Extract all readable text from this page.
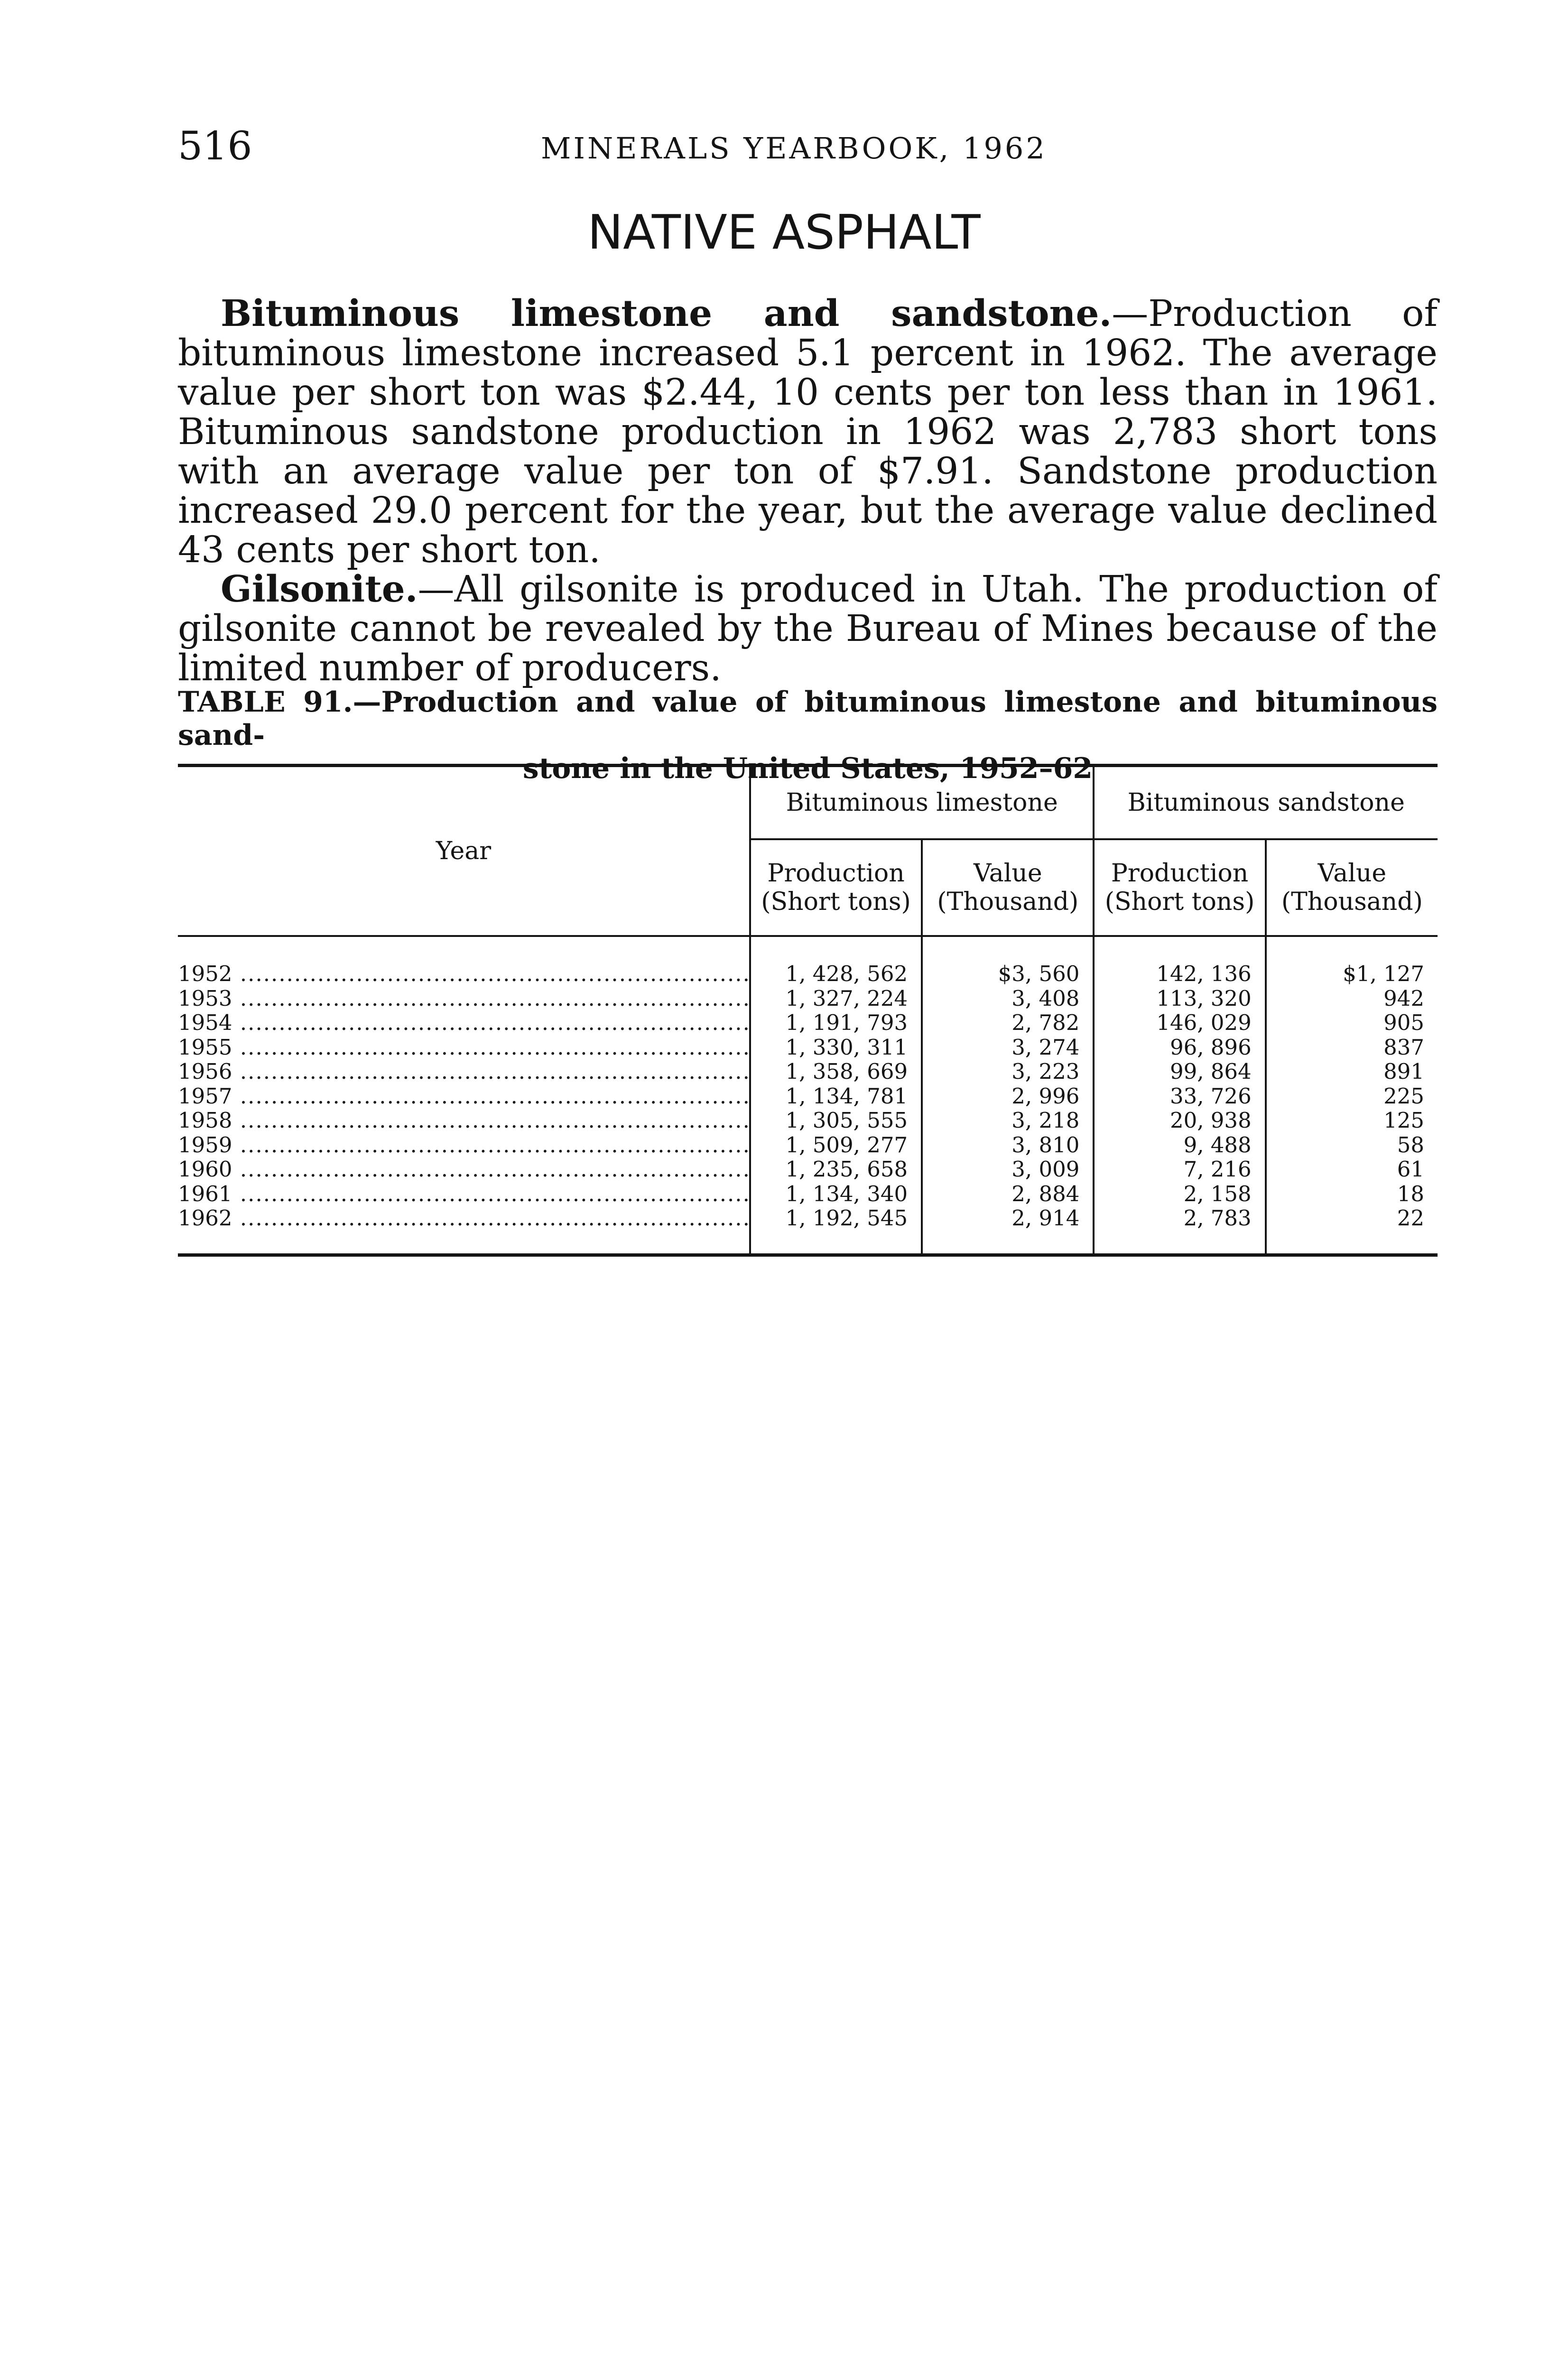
516	MINERALS YEARBOOK, 1962
NATIVE ASPHALT

Bituminous limestone and sandstone.—Production of bituminous limestone increased 5.1 percent in 1962. The average value per short ton was $2.44, 10 cents per ton less than in 1961. Bituminous sandstone production in 1962 was 2,783 short tons with an average value per ton of $7.91. Sandstone production increased 29.0 percent for the year, but the average value declined 43 cents per short ton.

Gilsonite.—All gilsonite is produced in Utah. The production of gilsonite cannot be revealed by the Bureau of Mines because of the limited number of producers.

TABLE 91.—Production and value of bituminous limestone and bituminous sand-
stone in the United States, 1952–62
Year	Bituminous limestone		Bituminous sandstone	
	Production
(Short tons)	Value
(Thousand)	Production
(Short tons)	Value
(Thousand)

1952 .....	1, 428, 562	$3, 560	142, 136	$1, 127

1953 .....	1, 327, 224	3, 408	113, 320	942

1954 .....	1, 191, 793	2, 782	146, 029	905

1955 .....	1, 330, 311	3, 274	96, 896	837

1956 .....	1, 358, 669	3, 223	99, 864	891

1957 .....	1, 134, 781	2, 996	33, 726	225

1958 .....	1, 305, 555	3, 218	20, 938	125

1959 .....	1, 509, 277	3, 810	9, 488	58

1960 .....	1, 235, 658	3, 009	7, 216	61

1961 .....	1, 134, 340	2, 884	2, 158	18

1962 .....	1, 192, 545	2, 914	2, 783	22
